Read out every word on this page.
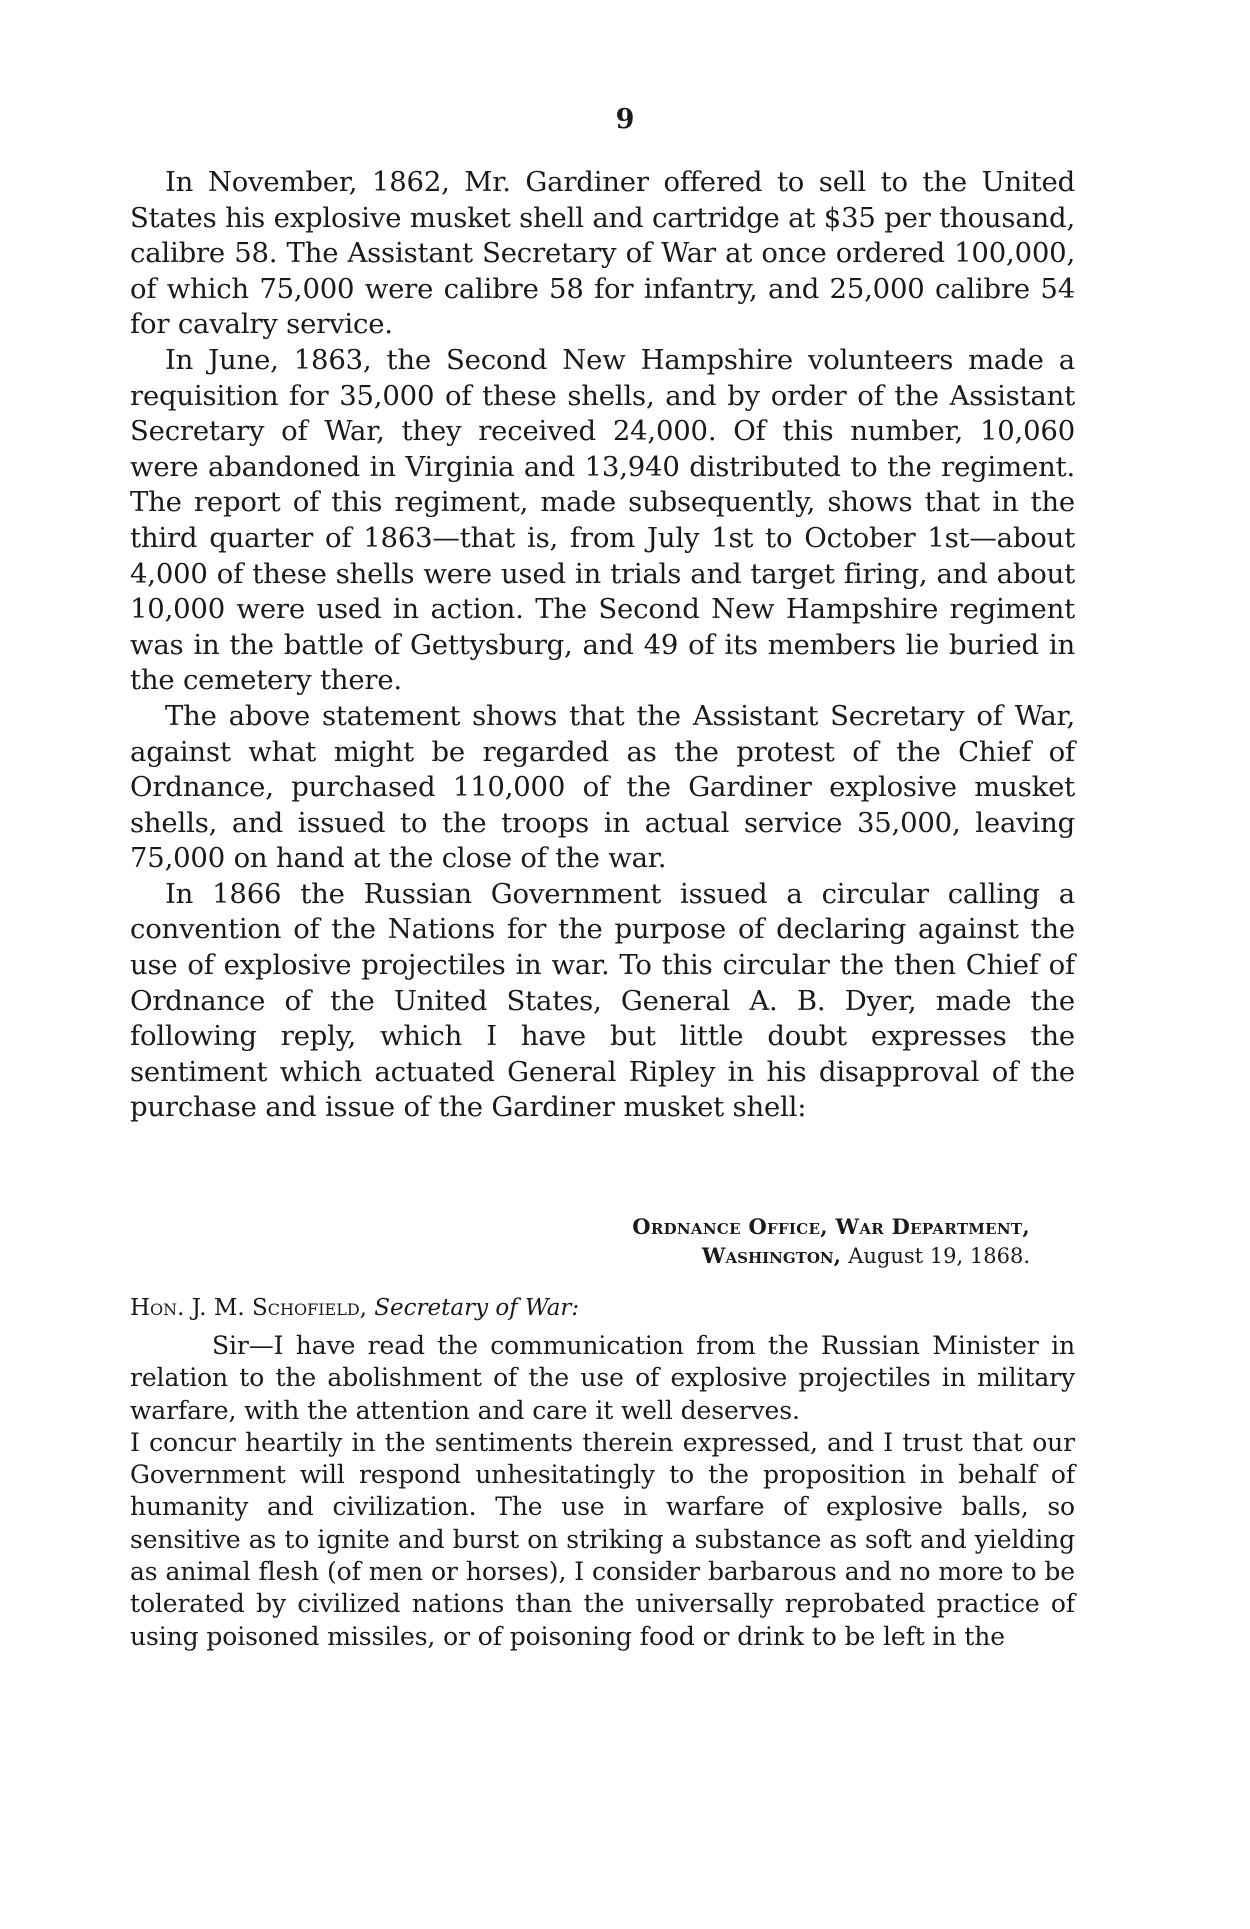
9

In November, 1862, Mr. Gardiner offered to sell to the United States his explosive musket shell and cartridge at $35 per thousand, calibre 58. The Assistant Secretary of War at once ordered 100,000, of which 75,000 were calibre 58 for infantry, and 25,000 calibre 54 for cavalry service.

In June, 1863, the Second New Hampshire volunteers made a requisition for 35,000 of these shells, and by order of the Assistant Secretary of War, they received 24,000. Of this number, 10,060 were abandoned in Virginia and 13,940 distributed to the regiment. The report of this regiment, made subsequently, shows that in the third quarter of 1863—that is, from July 1st to October 1st—about 4,000 of these shells were used in trials and target firing, and about 10,000 were used in action. The Second New Hampshire regiment was in the battle of Gettysburg, and 49 of its members lie buried in the cemetery there.

The above statement shows that the Assistant Secretary of War, against what might be regarded as the protest of the Chief of Ordnance, purchased 110,000 of the Gardiner explosive musket shells, and issued to the troops in actual service 35,000, leaving 75,000 on hand at the close of the war.

In 1866 the Russian Government issued a circular calling a convention of the Nations for the purpose of declaring against the use of explosive projectiles in war. To this circular the then Chief of Ordnance of the United States, General A. B. Dyer, made the following reply, which I have but little doubt expresses the sentiment which actuated General Ripley in his disapproval of the purchase and issue of the Gardiner musket shell:

Ordnance Office, War Department,
Washington, August 19, 1868.
Hon. J. M. Schofield, Secretary of War:

Sir—I have read the communication from the Russian Minister in relation to the abolishment of the use of explosive projectiles in military warfare, with the attention and care it well deserves.

I concur heartily in the sentiments therein expressed, and I trust that our Government will respond unhesitatingly to the proposition in behalf of humanity and civilization. The use in warfare of explosive balls, so sensitive as to ignite and burst on striking a substance as soft and yielding as animal flesh (of men or horses), I consider barbarous and no more to be tolerated by civilized nations than the universally reprobated practice of using poisoned missiles, or of poisoning food or drink to be left in the
